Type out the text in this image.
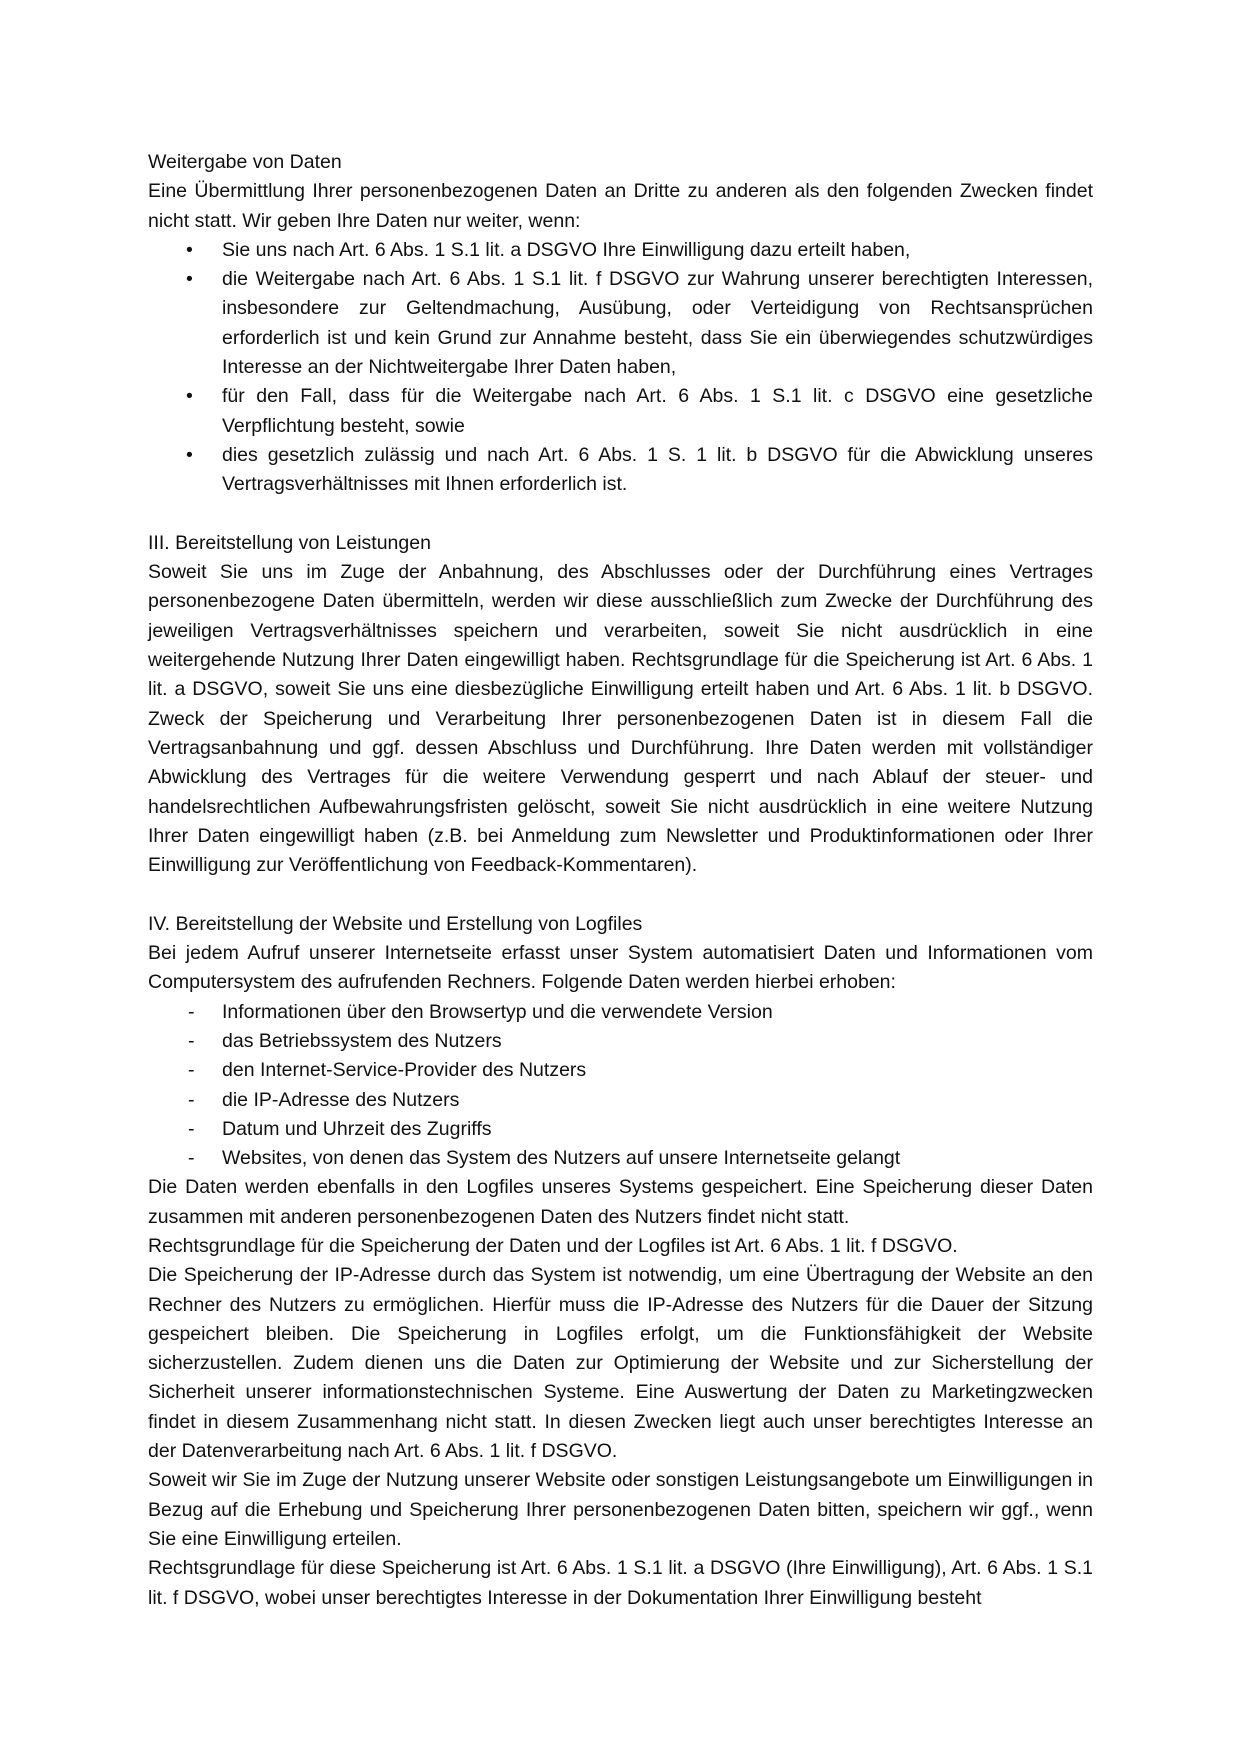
Weitergabe von Daten

Eine Übermittlung Ihrer personenbezogenen Daten an Dritte zu anderen als den folgenden Zwecken findet nicht statt. Wir geben Ihre Daten nur weiter, wenn:

• Sie uns nach Art. 6 Abs. 1 S.1 lit. a DSGVO Ihre Einwilligung dazu erteilt haben,
• die Weitergabe nach Art. 6 Abs. 1 S.1 lit. f DSGVO zur Wahrung unserer berechtigten Interessen, insbesondere zur Geltendmachung, Ausübung, oder Verteidigung von Rechtsansprüchen erforderlich ist und kein Grund zur Annahme besteht, dass Sie ein überwiegendes schutzwürdiges Interesse an der Nichtweitergabe Ihrer Daten haben,
• für den Fall, dass für die Weitergabe nach Art. 6 Abs. 1 S.1 lit. c DSGVO eine gesetzliche Verpflichtung besteht, sowie
• dies gesetzlich zulässig und nach Art. 6 Abs. 1 S. 1 lit. b DSGVO für die Abwicklung unseres Vertragsverhältnisses mit Ihnen erforderlich ist.
III. Bereitstellung von Leistungen

Soweit Sie uns im Zuge der Anbahnung, des Abschlusses oder der Durchführung eines Vertrages personenbezogene Daten übermitteln, werden wir diese ausschließlich zum Zwecke der Durchführung des jeweiligen Vertragsverhältnisses speichern und verarbeiten, soweit Sie nicht ausdrücklich in eine weitergehende Nutzung Ihrer Daten eingewilligt haben. Rechtsgrundlage für die Speicherung ist Art. 6 Abs. 1 lit. a DSGVO, soweit Sie uns eine diesbezügliche Einwilligung erteilt haben und Art. 6 Abs. 1 lit. b DSGVO. Zweck der Speicherung und Verarbeitung Ihrer personenbezogenen Daten ist in diesem Fall die Vertragsanbahnung und ggf. dessen Abschluss und Durchführung. Ihre Daten werden mit vollständiger Abwicklung des Vertrages für die weitere Verwendung gesperrt und nach Ablauf der steuer- und handelsrechtlichen Aufbewahrungsfristen gelöscht, soweit Sie nicht ausdrücklich in eine weitere Nutzung Ihrer Daten eingewilligt haben (z.B. bei Anmeldung zum Newsletter und Produktinformationen oder Ihrer Einwilligung zur Veröffentlichung von Feedback-Kommentaren).

IV. Bereitstellung der Website und Erstellung von Logfiles

Bei jedem Aufruf unserer Internetseite erfasst unser System automatisiert Daten und Informationen vom Computersystem des aufrufenden Rechners. Folgende Daten werden hierbei erhoben:

- Informationen über den Browsertyp und die verwendete Version
- das Betriebssystem des Nutzers
- den Internet-Service-Provider des Nutzers
- die IP-Adresse des Nutzers
- Datum und Uhrzeit des Zugriffs
- Websites, von denen das System des Nutzers auf unsere Internetseite gelangt

Die Daten werden ebenfalls in den Logfiles unseres Systems gespeichert. Eine Speicherung dieser Daten zusammen mit anderen personenbezogenen Daten des Nutzers findet nicht statt.

Rechtsgrundlage für die Speicherung der Daten und der Logfiles ist Art. 6 Abs. 1 lit. f DSGVO.

Die Speicherung der IP-Adresse durch das System ist notwendig, um eine Übertragung der Website an den Rechner des Nutzers zu ermöglichen. Hierfür muss die IP-Adresse des Nutzers für die Dauer der Sitzung gespeichert bleiben. Die Speicherung in Logfiles erfolgt, um die Funktionsfähigkeit der Website sicherzustellen. Zudem dienen uns die Daten zur Optimierung der Website und zur Sicherstellung der Sicherheit unserer informationstechnischen Systeme. Eine Auswertung der Daten zu Marketingzwecken findet in diesem Zusammenhang nicht statt. In diesen Zwecken liegt auch unser berechtigtes Interesse an der Datenverarbeitung nach Art. 6 Abs. 1 lit. f DSGVO.

Soweit wir Sie im Zuge der Nutzung unserer Website oder sonstigen Leistungsangebote um Einwilligungen in Bezug auf die Erhebung und Speicherung Ihrer personenbezogenen Daten bitten, speichern wir ggf., wenn Sie eine Einwilligung erteilen.

Rechtsgrundlage für diese Speicherung ist Art. 6 Abs. 1 S.1 lit. a DSGVO (Ihre Einwilligung), Art. 6 Abs. 1 S.1 lit. f DSGVO, wobei unser berechtigtes Interesse in der Dokumentation Ihrer Einwilligung besteht
